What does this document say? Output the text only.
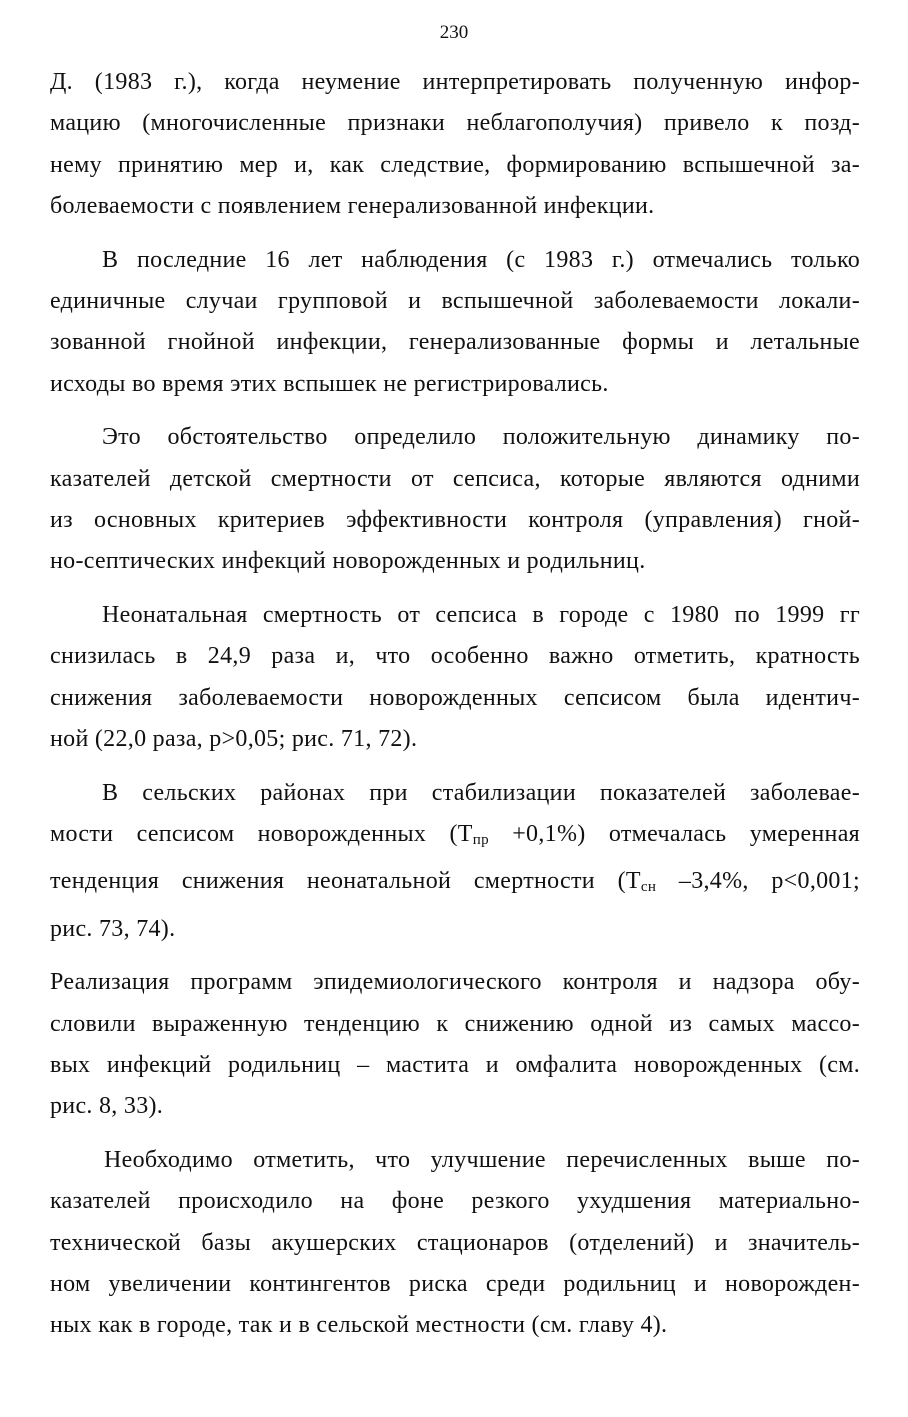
230

Д. (1983 г.), когда неумение интерпретировать полученную инфор-
мацию (многочисленные признаки неблагополучия) привело к позд-
нему принятию мер и, как следствие, формированию вспышечной за-
болеваемости с появлением генерализованной инфекции.

В последние 16 лет наблюдения (с 1983 г.) отмечались только
единичные случаи групповой и вспышечной заболеваемости локали-
зованной гнойной инфекции, генерализованные формы и летальные
исходы во время этих вспышек не регистрировались.

Это обстоятельство определило положительную динамику по-
казателей детской смертности от сепсиса, которые являются одними
из основных критериев эффективности контроля (управления) гной-
но-септических инфекций новорожденных и родильниц.

Неонатальная смертность от сепсиса в городе с 1980 по 1999 гг
снизилась в 24,9 раза и, что особенно важно отметить, кратность
снижения заболеваемости новорожденных сепсисом была идентич-
ной (22,0 раза, p>0,05; рис. 71, 72).

В сельских районах при стабилизации показателей заболевае-
мости сепсисом новорожденных $(T_{пр} +0,1\%)$ отмечалась умеренная
тенденция снижения неонатальной смертности ($T_{сн}$ –3,4%, p<0,001;
рис. 73, 74).

Реализация программ эпидемиологического контроля и надзора обу-
словили выраженную тенденцию к снижению одной из самых массо-
вых инфекций родильниц – мастита и омфалита новорожденных (см.
рис. 8, 33).

Необходимо отметить, что улучшение перечисленных выше по-
казателей происходило на фоне резкого ухудшения материально-
технической базы акушерских стационаров (отделений) и значитель-
ном увеличении контингентов риска среди родильниц и новорожден-
ных как в городе, так и в сельской местности (см. главу 4).
